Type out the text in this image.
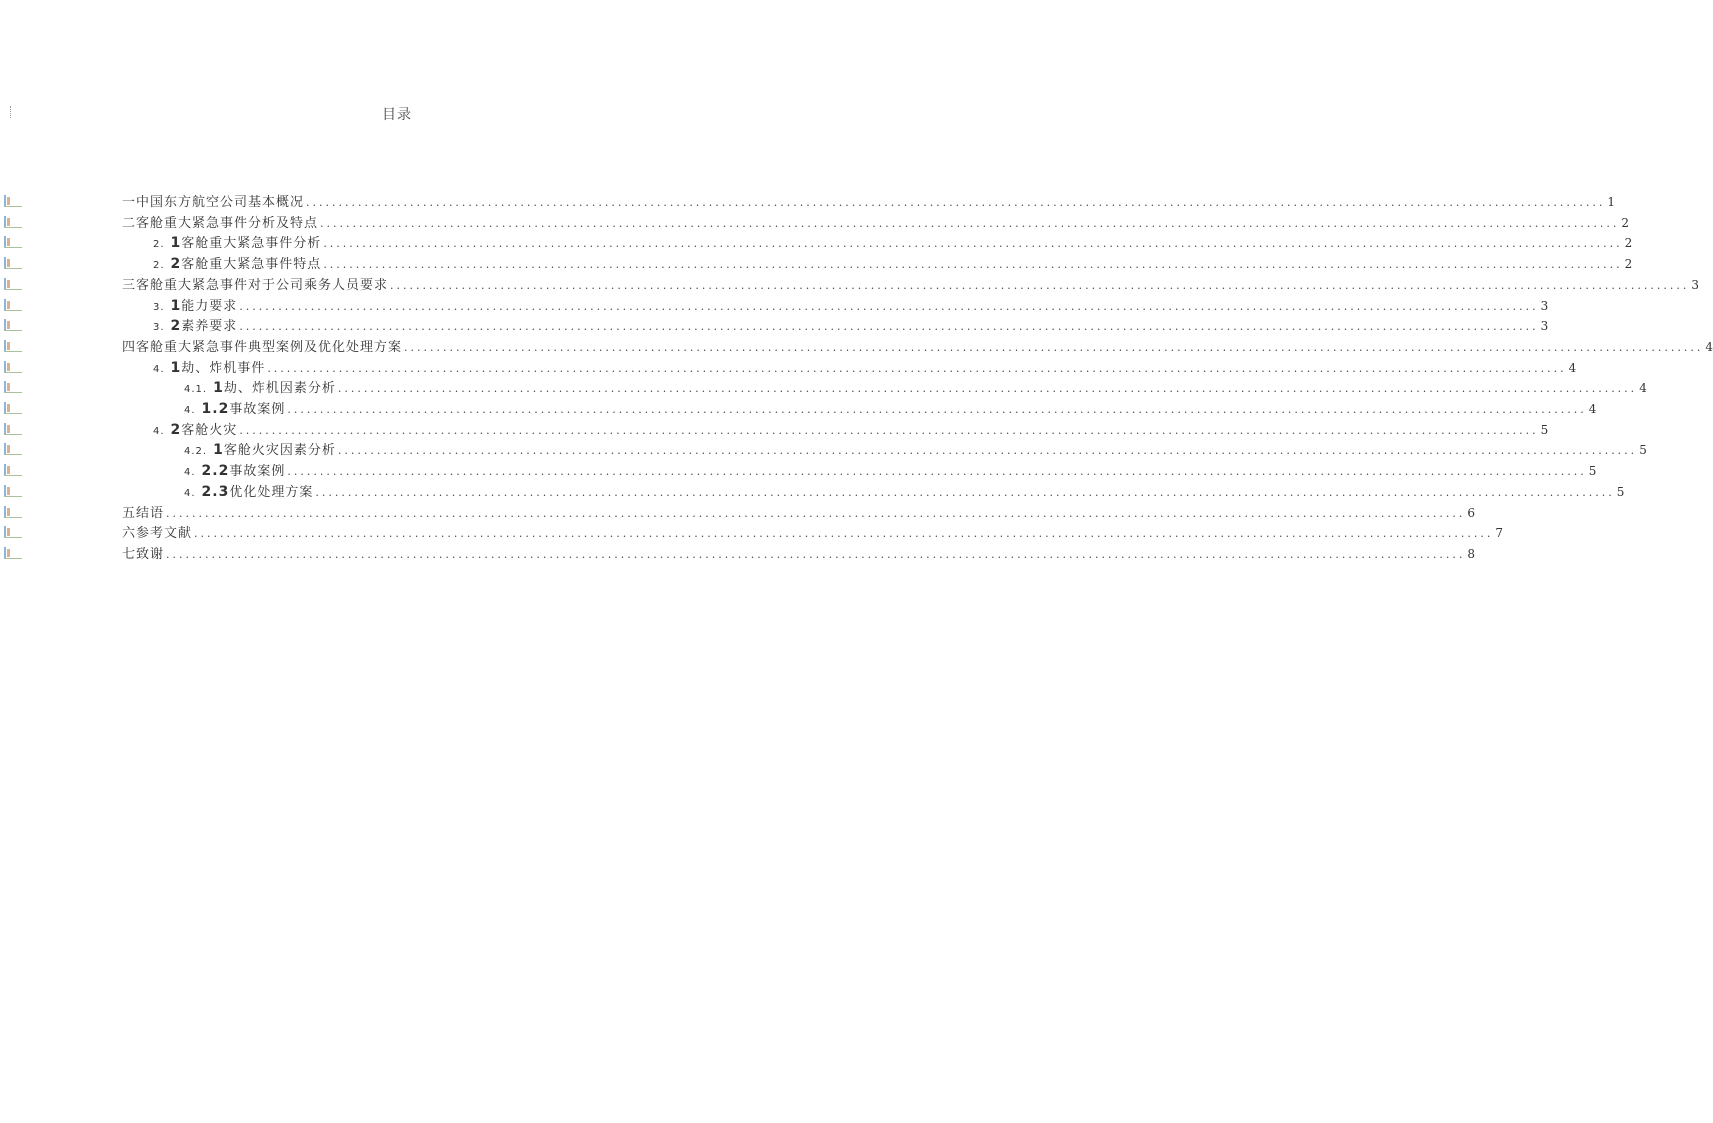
目录
一中国东方航空公司基本概况 ........................................................................................................................................................................................................ 1
二客舱重大紧急事件分析及特点 ........................................................................................................................................................................................................ 2
2. 1 客舱重大紧急事件分析 ........................................................................................................................................................................................................ 2
2. 2 客舱重大紧急事件特点 ........................................................................................................................................................................................................ 2
三客舱重大紧急事件对于公司乘务人员要求 ........................................................................................................................................................................................................ 3
3. 1 能力要求 ........................................................................................................................................................................................................ 3
3. 2 素养要求 ........................................................................................................................................................................................................ 3
四客舱重大紧急事件典型案例及优化处理方案 ........................................................................................................................................................................................................ 4
4. 1 劫、炸机事件 ........................................................................................................................................................................................................ 4
4.1. 1 劫、炸机因素分析 ........................................................................................................................................................................................................ 4
4. 1.2 事故案例 ........................................................................................................................................................................................................ 4
4. 2 客舱火灾 ........................................................................................................................................................................................................ 5
4.2. 1 客舱火灾因素分析 ........................................................................................................................................................................................................ 5
4. 2.2 事故案例 ........................................................................................................................................................................................................ 5
4. 2.3 优化处理方案 ........................................................................................................................................................................................................ 5
五结语 ........................................................................................................................................................................................................ 6
六参考文献 ........................................................................................................................................................................................................ 7
七致谢 ........................................................................................................................................................................................................ 8
